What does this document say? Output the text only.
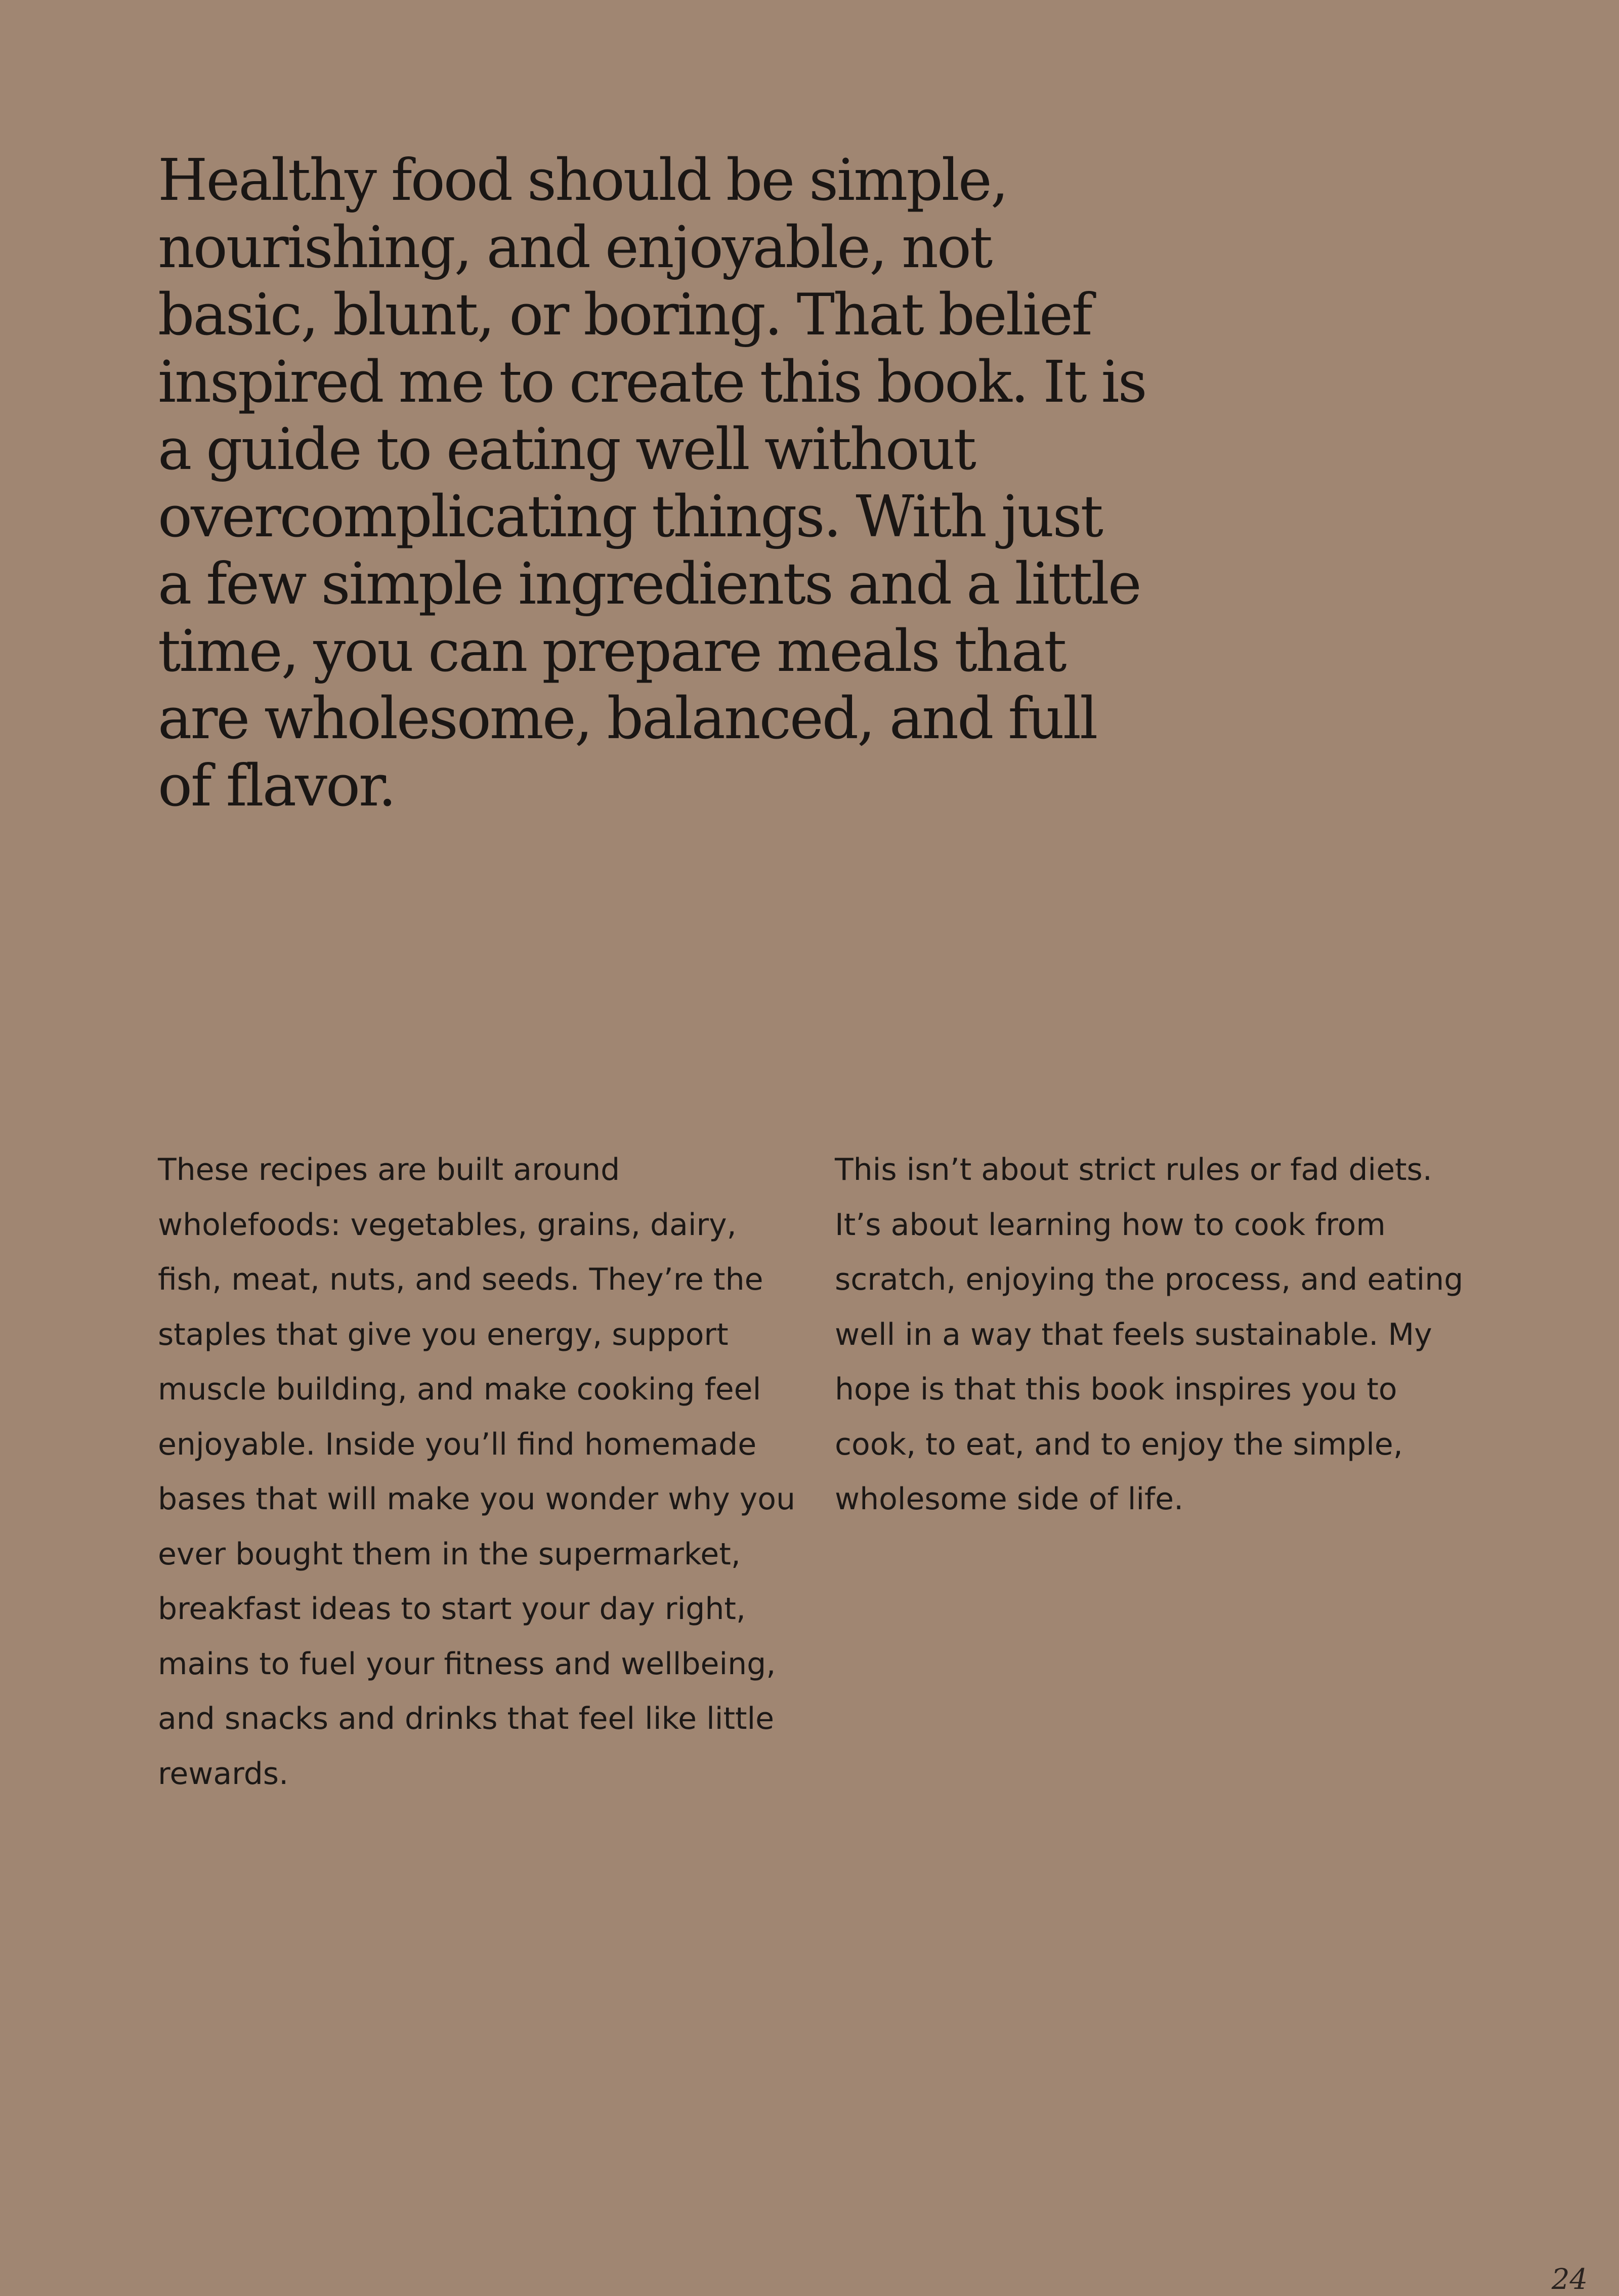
Healthy food should be simple, nourishing, and enjoyable, not basic, blunt, or boring. That belief inspired me to create this book. It is a guide to eating well without overcomplicating things. With just a few simple ingredients and a little time, you can prepare meals that are wholesome, balanced, and full of flavor.

These recipes are built around wholefoods: vegetables, grains, dairy, fish, meat, nuts, and seeds. They’re the staples that give you energy, support muscle building, and make cooking feel enjoyable. Inside you’ll find homemade bases that will make you wonder why you ever bought them in the supermarket, breakfast ideas to start your day right, mains to fuel your fitness and wellbeing, and snacks and drinks that feel like little rewards.

This isn’t about strict rules or fad diets. It’s about learning how to cook from scratch, enjoying the process, and eating well in a way that feels sustainable. My hope is that this book inspires you to cook, to eat, and to enjoy the simple, wholesome side of life.

24
